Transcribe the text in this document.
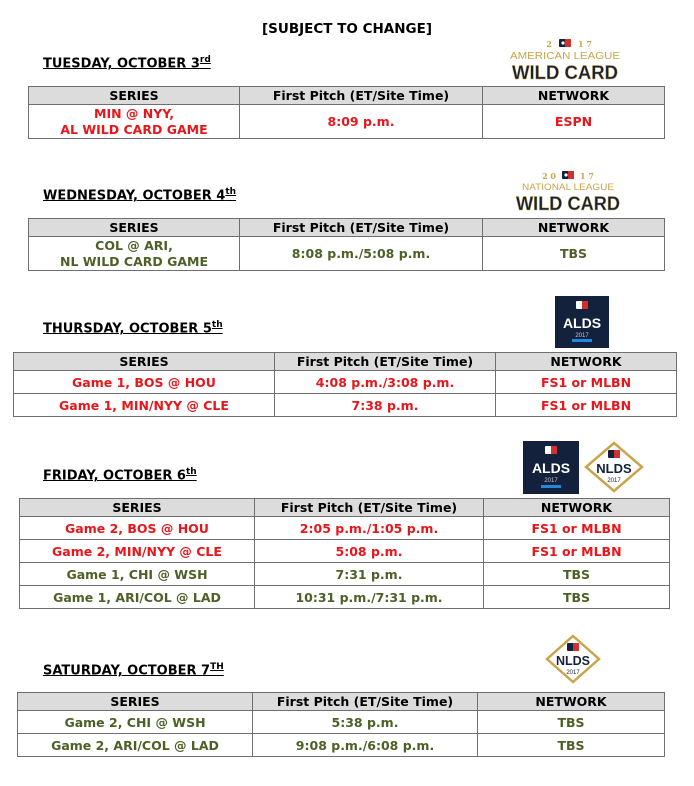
[SUBJECT TO CHANGE]
TUESDAY, OCTOBER 3rd
2	1 7
AMERICAN LEAGUE
WILD CARD
SERIES	First Pitch (ET/Site Time)	NETWORK
MIN @ NYY,
AL WILD CARD GAME	8:09 p.m.	ESPN
WEDNESDAY, OCTOBER 4th
2 0	1 7
NATIONAL LEAGUE
WILD CARD
SERIES	First Pitch (ET/Site Time)	NETWORK
COL @ ARI,
NL WILD CARD GAME	8:08 p.m./5:08 p.m.	TBS
THURSDAY, OCTOBER 5th	ALDS
2017
SERIES	First Pitch (ET/Site Time)	NETWORK
Game 1, BOS @ HOU	4:08 p.m./3:08 p.m.	FS1 or MLBN
Game 1, MIN/NYY @ CLE	7:38 p.m.	FS1 or MLBN
FRIDAY, OCTOBER 6th	ALDS
2017
NLDS
2017
SERIES	First Pitch (ET/Site Time)	NETWORK
Game 2, BOS @ HOU	2:05 p.m./1:05 p.m.	FS1 or MLBN
Game 2, MIN/NYY @ CLE	5:08 p.m.	FS1 or MLBN
Game 1, CHI @ WSH	7:31 p.m.	TBS
Game 1, ARI/COL @ LAD	10:31 p.m./7:31 p.m.	TBS
SATURDAY, OCTOBER 7TH	NLDS
2017
SERIES	First Pitch (ET/Site Time)	NETWORK
Game 2, CHI @ WSH	5:38 p.m.	TBS
Game 2, ARI/COL @ LAD	9:08 p.m./6:08 p.m.	TBS
